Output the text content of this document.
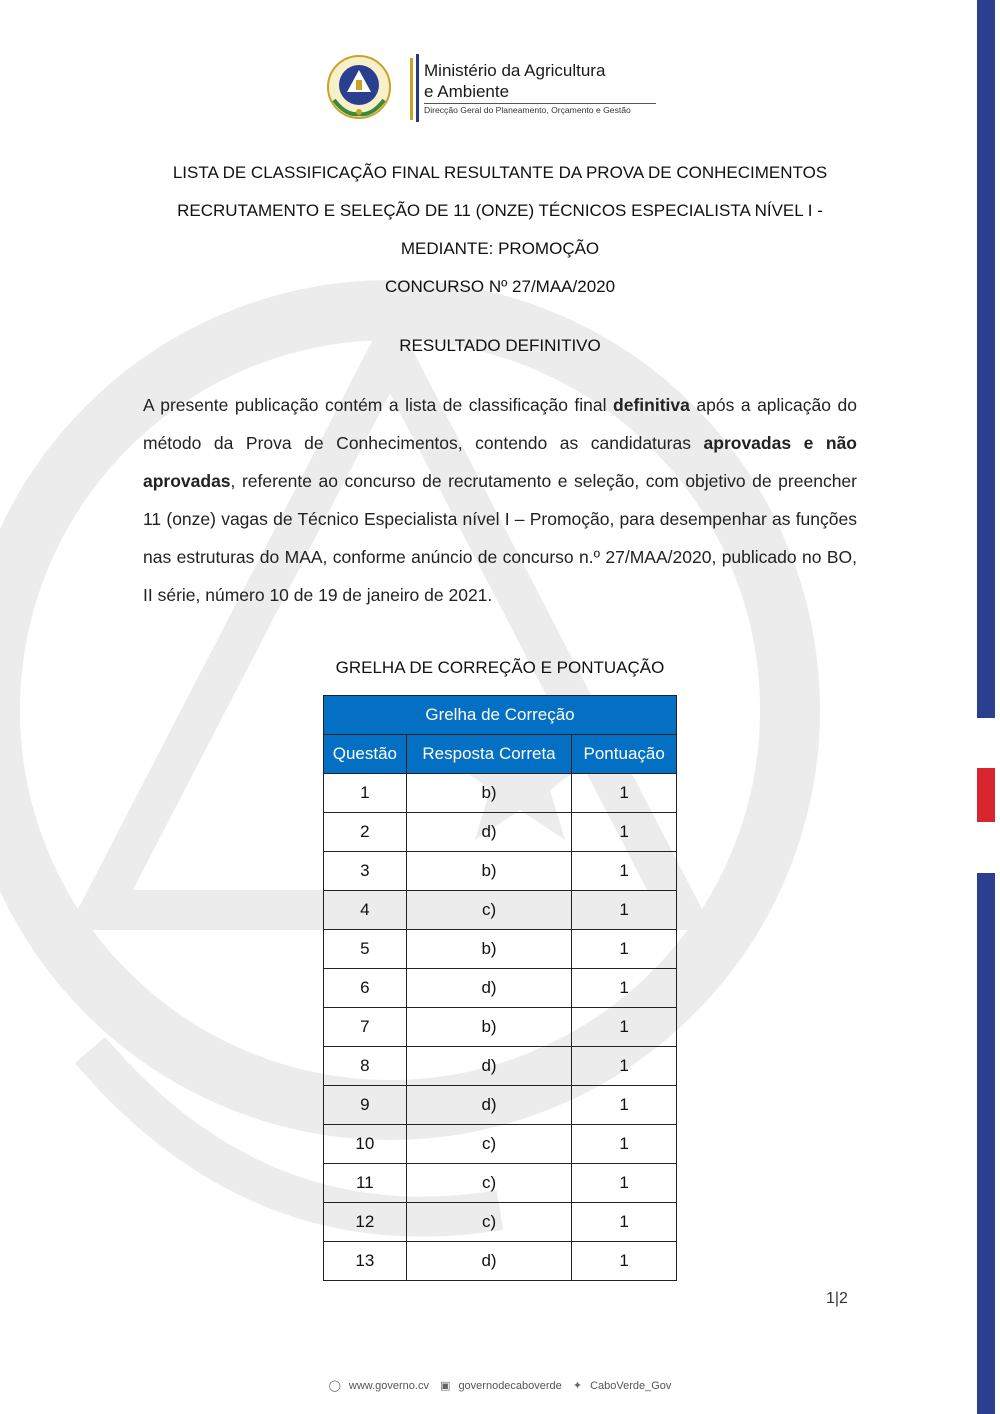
Ministério da Agricultura
e Ambiente
Direcção Geral do Planeamento, Orçamento e Gestão
LISTA DE CLASSIFICAÇÃO FINAL RESULTANTE DA PROVA DE CONHECIMENTOS
RECRUTAMENTO E SELEÇÃO DE 11 (ONZE) TÉCNICOS ESPECIALISTA NÍVEL I -
MEDIANTE: PROMOÇÃO
CONCURSO Nº 27/MAA/2020
RESULTADO DEFINITIVO
A presente publicação contém a lista de classificação final definitiva após a aplicação do método da Prova de Conhecimentos, contendo as candidaturas aprovadas e não aprovadas, referente ao concurso de recrutamento e seleção, com objetivo de preencher 11 (onze) vagas de Técnico Especialista nível I – Promoção, para desempenhar as funções nas estruturas do MAA, conforme anúncio de concurso n.º 27/MAA/2020, publicado no BO, II série, número 10 de 19 de janeiro de 2021.
GRELHA DE CORREÇÃO E PONTUAÇÃO
Grelha de Correção		
Questão	Resposta Correta	Pontuação
1	b)	1
2	d)	1
3	b)	1
4	c)	1
5	b)	1
6	d)	1
7	b)	1
8	d)	1
9	d)	1
10	c)	1
11	c)	1
12	c)	1
13	d)	1
1|2
◯ www.governo.cv ▣ governodecaboverde ✦ CaboVerde_Gov
